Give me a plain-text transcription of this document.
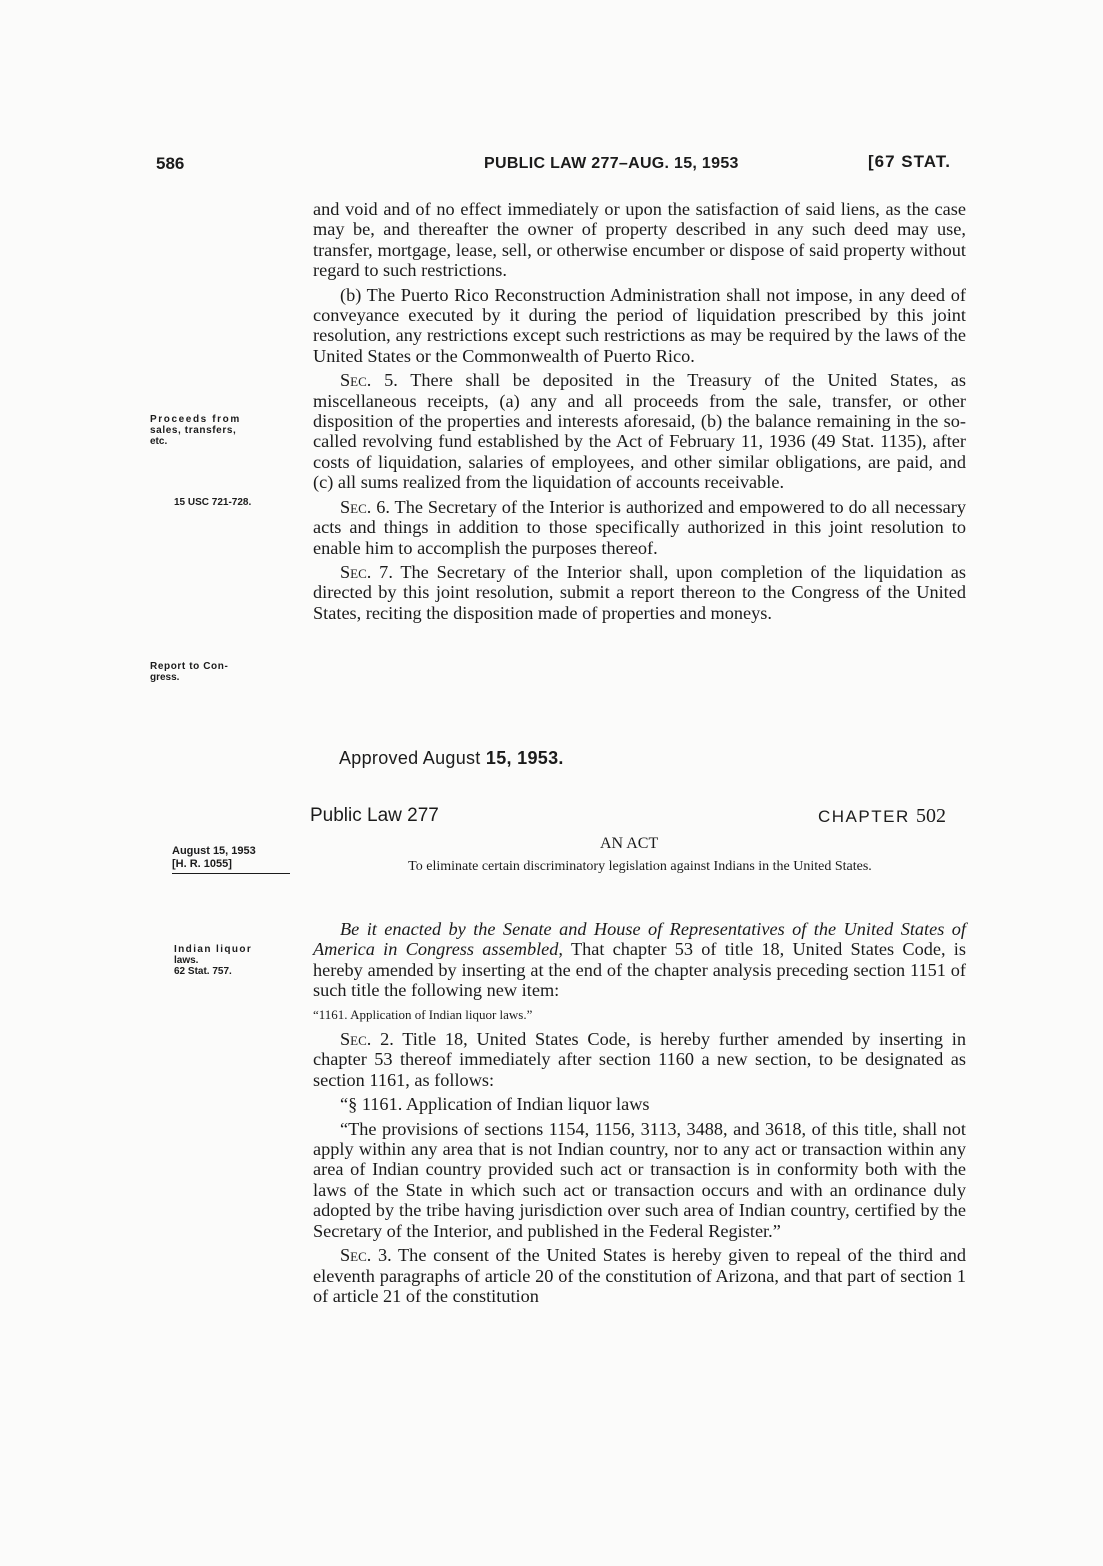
586	PUBLIC LAW 277–AUG. 15, 1953	[67 STAT.

and void and of no effect immediately or upon the satisfaction of said liens, as the case may be, and thereafter the owner of property described in any such deed may use, transfer, mortgage, lease, sell, or otherwise encumber or dispose of said property without regard to such restrictions.

(b) The Puerto Rico Reconstruction Administration shall not impose, in any deed of conveyance executed by it during the period of liquidation prescribed by this joint resolution, any restrictions except such restrictions as may be required by the laws of the United States or the Commonwealth of Puerto Rico.

Sec. 5. There shall be deposited in the Treasury of the United States, as miscellaneous receipts, (a) any and all proceeds from the sale, transfer, or other disposition of the properties and interests aforesaid, (b) the balance remaining in the so-called revolving fund established by the Act of February 11, 1936 (49 Stat. 1135), after costs of liquidation, salaries of employees, and other similar obligations, are paid, and (c) all sums realized from the liquidation of accounts receivable.

Sec. 6. The Secretary of the Interior is authorized and empowered to do all necessary acts and things in addition to those specifically authorized in this joint resolution to enable him to accomplish the purposes thereof.

Sec. 7. The Secretary of the Interior shall, upon completion of the liquidation as directed by this joint resolution, submit a report thereon to the Congress of the United States, reciting the disposition made of properties and moneys.

Proceeds from
sales, transfers,
etc.
15 USC 721-728.
Report to Con-
gress.
Approved August 15, 1953.
Public Law 277	CHAPTER 502
August 15, 1953
[H. R. 1055]
AN ACT
To eliminate certain discriminatory legislation against Indians in the United States.

Be it enacted by the Senate and House of Representatives of the United States of America in Congress assembled, That chapter 53 of title 18, United States Code, is hereby amended by inserting at the end of the chapter analysis preceding section 1151 of such title the following new item:

“1161. Application of Indian liquor laws.”

Sec. 2. Title 18, United States Code, is hereby further amended by inserting in chapter 53 thereof immediately after section 1160 a new section, to be designated as section 1161, as follows:

“§ 1161. Application of Indian liquor laws

“The provisions of sections 1154, 1156, 3113, 3488, and 3618, of this title, shall not apply within any area that is not Indian country, nor to any act or transaction within any area of Indian country provided such act or transaction is in conformity both with the laws of the State in which such act or transaction occurs and with an ordinance duly adopted by the tribe having jurisdiction over such area of Indian country, certified by the Secretary of the Interior, and published in the Federal Register.”

Sec. 3. The consent of the United States is hereby given to repeal of the third and eleventh paragraphs of article 20 of the constitution of Arizona, and that part of section 1 of article 21 of the constitution

Indian liquor
laws.
62 Stat. 757.
